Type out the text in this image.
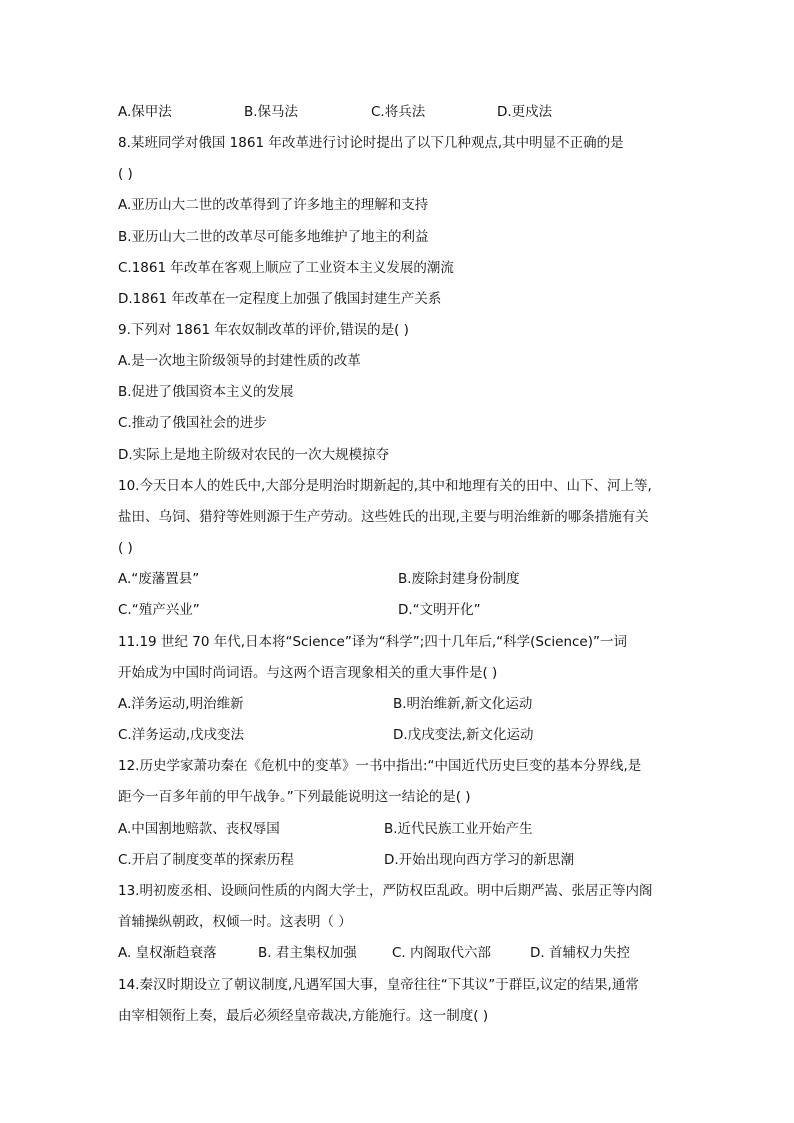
A.保甲法	B.保马法	C.将兵法	D.更戍法
8.某班同学对俄国 1861 年改革进行讨论时提出了以下几种观点,其中明显不正确的是
( )
A.亚历山大二世的改革得到了许多地主的理解和支持
B.亚历山大二世的改革尽可能多地维护了地主的利益
C.1861 年改革在客观上顺应了工业资本主义发展的潮流
D.1861 年改革在一定程度上加强了俄国封建生产关系
9.下列对 1861 年农奴制改革的评价,错误的是( )
A.是一次地主阶级领导的封建性质的改革
B.促进了俄国资本主义的发展
C.推动了俄国社会的进步
D.实际上是地主阶级对农民的一次大规模掠夺
10.今天日本人的姓氏中,大部分是明治时期新起的,其中和地理有关的田中、山下、河上等,
盐田、乌饲、猎狩等姓则源于生产劳动。这些姓氏的出现,主要与明治维新的哪条措施有关
( )
A.“废藩置县”	B.废除封建身份制度
C.“殖产兴业”	D.“文明开化”
11.19 世纪 70 年代,日本将“Science”译为“科学”;四十几年后,“科学(Science)”一词
开始成为中国时尚词语。与这两个语言现象相关的重大事件是( )
A.洋务运动,明治维新	B.明治维新,新文化运动
C.洋务运动,戊戌变法	D.戊戌变法,新文化运动
12.历史学家萧功秦在《危机中的变革》一书中指出:“中国近代历史巨变的基本分界线,是
距今一百多年前的甲午战争。”下列最能说明这一结论的是( )
A.中国割地赔款、丧权辱国	B.近代民族工业开始产生
C.开启了制度变革的探索历程	D.开始出现向西方学习的新思潮
13.明初废丞相、设顾问性质的内阁大学士，严防权臣乱政。明中后期严嵩、张居正等内阁
首辅操纵朝政，权倾一时。这表明（ ）
A. 皇权渐趋衰落	B. 君主集权加强	C. 内阁取代六部	D. 首辅权力失控
14.秦汉时期设立了朝议制度,凡遇军国大事，皇帝往往“下其议”于群臣,议定的结果,通常
由宰相领衔上奏，最后必须经皇帝裁决,方能施行。这一制度( )
